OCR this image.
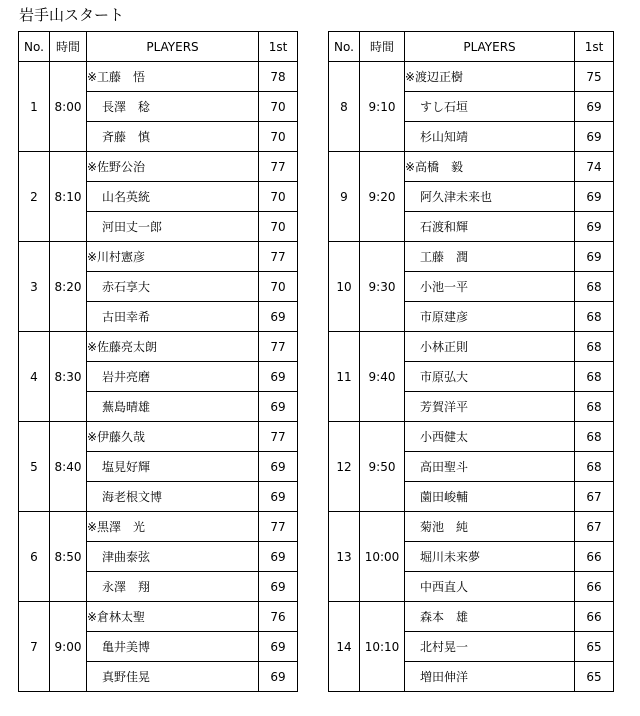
岩手山スタート
No.	時間	PLAYERS	1st
1	8:00	※工藤　悟	78
		長澤　稔	70
		斉藤　慎	70
2	8:10	※佐野公治	77
		山名英統	70
		河田丈一郎	70
3	8:20	※川村憲彦	77
		赤石享大	70
		古田幸希	69
4	8:30	※佐藤亮太朗	77
		岩井亮磨	69
		蕪島晴雄	69
5	8:40	※伊藤久哉	77
		塩見好輝	69
		海老根文博	69
6	8:50	※黒澤　光	77
		津曲泰弦	69
		永澤　翔	69
7	9:00	※倉林太聖	76
		亀井美博	69
		真野佳晃	69
No.	時間	PLAYERS	1st
8	9:10	※渡辺正樹	75
		すし石垣	69
		杉山知靖	69
9	9:20	※高橋　毅	74
		阿久津未来也	69
		石渡和輝	69
10	9:30	工藤　潤	69
		小池一平	68
		市原建彦	68
11	9:40	小林正則	68
		市原弘大	68
		芳賀洋平	68
12	9:50	小西健太	68
		高田聖斗	68
		薗田峻輔	67
13	10:00	菊池　純	67
		堀川未来夢	66
		中西直人	66
14	10:10	森本　雄	66
		北村晃一	65
		増田伸洋	65
